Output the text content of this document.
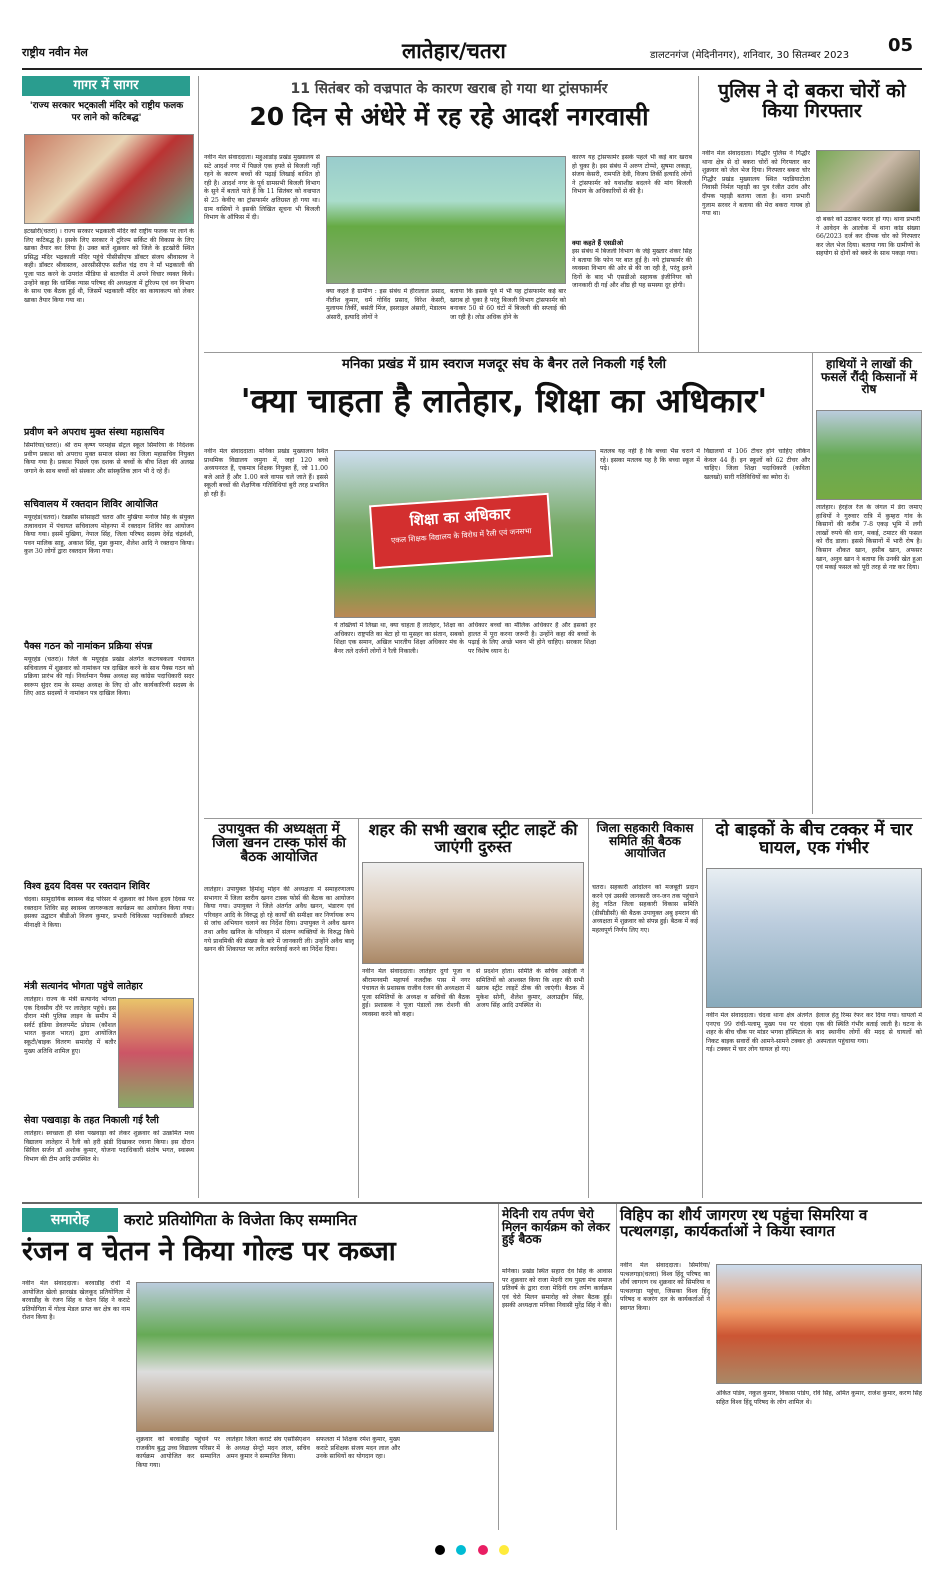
राष्ट्रीय नवीन मेल	लातेहार/चतरा	डालटनगंज (मेदिनीनगर), शनिवार, 30 सितम्बर 2023 05
गागर में सागर
'राज्य सरकार भट्काली मंदिर को राष्ट्रीय फलक पर लाने को कटिबद्ध'
इटखोरी(चतरा) । राज्य सरकार भद्रकाली मंदिर को राष्ट्रीय फलक पर लाने के लिए कटिबद्ध है। इसके लिए सरकार ने टूरिज्म सर्किट की विकास के लिए खाका तैयार कर लिया है। उक्त बातें शुक्रवार को जिले के इटखोरी स्थित प्रसिद्ध मंदिर भद्रकाली मंदिर पहुंचे पीसीसीएफ डॉक्टर संजय श्रीवास्तव ने कही। डॉक्टर श्रीवास्तव, आरसीसीएफ सतीश चंद्र राय ने माँ भद्रकाली की पूजा पाठ करने के उपरांत मीडिया से बातचीत में अपने विचार व्यक्त किये। उन्होंने कहा कि धार्मिक न्यास परिषद की अध्यक्षता में टूरिज्म एवं वन विभाग के साथ एक बैठक हुई थी, जिसमें भद्रकाली मंदिर का कायाकल्प को लेकर खाका तैयार किया गया था।
प्रवीण बने अपराध मुक्त संस्था महासचिव
सिमरिया(चतरा)। श्री राम कृष्ण परमहंस सेंट्रल स्कूल सिमरिया के निदेशक प्रवीण प्रकाश को अपराध मुक्त समाज संस्था का जिला महासचिव नियुक्त किया गया है। प्रकाश पिछले एक दशक से बच्चों के बीच शिक्षा की अलख जगाने के साथ बच्चों को संस्कार और सांस्कृतिक ज्ञान भी दे रहे हैं।
सचिवालय में रक्तदान शिविर आयोजित
मयूरहंड(चतरा)। रेडक्रॉस सोसाइटी चतरा और मुखिया मनोज सिंह के संयुक्त तत्वावधान में पंचायत सचिवालय मोहनपा में रक्तदान शिविर का आयोजन किया गया। इसमें मुखिया, नेपाल सिंह, जिला परिषद सदस्य देवेंद्र चंद्रवंशी, पवन मालिक साहु, अकाश सिंह, मुन्ना कुमार, शैलेश आदि ने रक्तदान किया। कुल 30 लोगों द्वारा रक्तदान किया गया।
पैक्स गठन को नामांकन प्रक्रिया संपन्न
मयूरहंड (चतरा)। जिले के मयूरहंड प्रखंड अंतर्गत कटगबकला पंचायत सचिवालय में शुक्रवार को नामांकन पत्र दाखिल करने के साथ पैक्स गठन को प्रक्रिया प्रारंभ की गई। निवर्तमान पैक्स अध्यक्ष सह कांग्रेस पदाधिकारी सदर स्वरूप सुंदर राम के समक्ष अध्यक्ष के लिए दो और कार्यकारिणी सदस्य के लिए आठ सदस्यों ने नामांकन पत्र दाखिल किया।
विश्व हृदय दिवस पर रक्तदान शिविर
चंदवा। सामुदायिक स्वास्थ्य केंद्र परिसर में शुक्रवार को विश्व हृदय दिवस पर रक्तदान शिविर सह स्वास्थ्य जागरूकता कार्यक्रम का आयोजन किया गया। इसका उद्घाटन बीडीओ विजय कुमार, प्रभारी चिकित्सा पदाधिकारी डॉक्टर मीनाक्षी ने किया।
मंत्री सत्यानंद भोगता पहुंचे लातेहार
लातेहार। राज्य के मंत्री सत्यानंद भोगता एक दिवसीय दौरे पर लातेहार पहुंचे। इस दौरान मंत्री पुलिस लाइन के समीप में सर्वर्ट इंडिया डेवलपमेंट प्रोग्राम (कौशल भारत कुशल भारत) द्वारा आयोजित स्कूटी/बाइक वितरण समारोह में बतौर मुख्य अतिथि शामिल हुए।
सेवा पखवाड़ा के तहत निकाली गई रैली
लातेहार। स्वच्छता ही सेवा पखवाड़ा को लेकर शुक्रवार को उत्क्रमित मध्य विद्यालय लातेहार में रैली को हरी झंडी दिखाकर रवाना किया। इस दौरान सिविल सर्जन डॉ अशोक कुमार, योजना पदाधिकारी संतोष भगत, स्वास्थ्य विभाग की टीम आदि उपस्थित थे।
11 सितंबर को वज्रपात के कारण खराब हो गया था ट्रांसफार्मर
20 दिन से अंधेरे में रह रहे आदर्श नगरवासी
नवीन मेल संवाददाता। महुआडांड़ प्रखंड मुख्यालय से सटे आदर्श नगर में पिछले एक हफ्ते से बिजली नहीं रहने के कारण बच्चों की पढ़ाई लिखाई बाधित हो रही है। आदर्श नगर के पूर्व ग्रामसभी बिजली विभाग के सुने में बताते पाते हैं कि 11 सितंबर को वज्रपात से 25 केवीए का ट्रांसफार्मर क्षतिग्रस्त हो गया था। ग्राम वासियों ने इसकी लिखित सूचना भी बिजली विभाग के ऑफिस में दी।
क्या कहते हैं ग्रामीण : इस संबंध में हीरालाल प्रसाद, नीतीश कुमार, धर्म गोविंद प्रसाद, विरेश केसरी, मुलायम तिर्की, बसंती मिंज, इसराइल अंसारी, मेडालम अंसारी, इत्यादि लोगों ने
बताया कि इसके पूर्व में भी यह ट्रांसफार्मर कई बार खराब हो चुका है परंतु बिजली विभाग ट्रांसफार्मर को बनाकर 50 से 60 घंटों में बिजली की सप्लाई की जा रही है। लोड अधिक होने के
कारण यह ट्रांसफार्मर इसके पहले भी कई बार खराब हो चुका है। इस संबंध में अरुण टोप्पो, सुषमा लकड़ा, संजय केसरी, रामपति देवी, विजय तिर्की इत्यादि लोगों ने ट्रांसफार्मर को यथाशीघ्र बदलने की मांग बिजली विभाग के अधिकारियों से की है।
क्या कहते हैं एसडीओ
इस संबंध में बिजली विभाग के जेई मुख्तार शंकर सिंह ने बताया कि फोन पर बात हुई है। नये ट्रांसफार्मर की व्यवस्था विभाग की ओर से की जा रही है, परंतु इतने दिनों के बाद भी एसडीओ सहायक इंजीनियर को जानकारी दी गई और शीघ्र ही यह समस्या दूर होगी।
पुलिस ने दो बकरा चोरों को किया गिरफ्तार
नवीन मेल संवाददाता। गिद्धौर पुलिस ने गिद्धौर थाना क्षेत्र से दो बकरा चोरों को गिरफ्तार कर शुक्रवार को जेल भेज दिया। गिरफ्तार बकरा चोर गिद्धौर प्रखंड मुख्यालय स्थित पदडियाटोला निवासी निर्मल पहाड़ी का पुत्र रंजीत उरांव और दीपक पहाड़ी बताया जाता है। थाना प्रभारी गुलाम सरवर ने बताया की मेरा बकरा गायब हो गया था।
दो बकरे को उठाकर फरार हो गए। थाना प्रभारी ने आवेदन के आलोक में थाना कांड संख्या 66/2023 दर्ज कर दीपक चोर को गिरफ्तार कर जेल भेज दिया। बताया गया कि ग्रामीणों के सहयोग से दोनों को बकरे के साथ पकड़ा गया।
मनिका प्रखंड में ग्राम स्वराज मजदूर संघ के बैनर तले निकली गई रैली
'क्या चाहता है लातेहार, शिक्षा का अधिकार'
नवीन मेल संवाददाता। मनिका प्रखंड मुख्यालय स्थित प्राथमिक विद्यालय जमुना में, जहां 120 बच्चे अध्ययनरत हैं, एकमात्र शिक्षक नियुक्त हैं, जो 11.00 बजे आते हैं और 1.00 बजे वापस चले जाते हैं। इससे स्कूली बच्चों की शैक्षणिक गतिविधियां बुरी तरह प्रभावित हो रही हैं।
शिक्षा का अधिकार
एकल शिक्षक विद्यालय के विरोध में रैली एवं जनसभा
ये तख्तियों में लिखा था, क्या चाहता है लातेहार, शिक्षा का अधिकार। राष्ट्रपति का बेटा हो या मुसहर का संतान, सबको शिक्षा एक समान, अखिल भारतीय शिक्षा अधिकार मंच के बैनर तले दर्जनों लोगों ने रैली निकाली।
अधिकार बच्चों का मौलिक अधिकार है और इसको हर हालत में पूरा करना जरूरी है। उन्होंने कहा की बच्चों के पढ़ाई के लिए अच्छे भवन भी होने चाहिए। सरकार शिक्षा पर विशेष ध्यान दे।
मतलब यह नहीं है कि बच्चा भैंस चराने में रहे। इसका मतलब यह है कि बच्चा स्कूल में पढ़े।
विद्यालयों में 106 टीचर होने चाहिए लेकिन केवल 44 हैं। इन स्कूलों को 62 टीचर और चाहिए। जिला शिक्षा पदाधिकारी (कविता खलखो) सारी गतिविधियों का ब्योरा दें।
हाथियों ने लाखों की फसलें रौंदी किसानों में रोष
लातेहार। हेरहंज रेंज के जंगल में डेरा जमाए हाथियों ने गुरुवार रात्रि में कुम्हरा गांव के किसानों की करीब 7-8 एकड़ भूमि में लगी लाखों रुपये की धान, मकई, टमाटर की फसल को रौंद डाला। इससे किसानों में भारी रोष है। किसान शौकत खान, हसीब खान, अफसर खान, अनुव खान ने बताया कि उनकी खेत हुआ एवं मकई फसल को पूरी तरह से नष्ट कर दिया।
उपायुक्त की अध्यक्षता में जिला खनन टास्क फोर्स की बैठक आयोजित
लातेहार। उपायुक्त हिमांशु मोहन की अध्यक्षता में समाहरणालय सभागार में जिला स्तरीय खनन टास्क फोर्स की बैठक का आयोजन किया गया। उपायुक्त ने जिले अंतर्गत अवैध खनन, भंडारण एवं परिवहन आदि के विरुद्ध हो रहे कार्यों की समीक्षा कर निर्णायक रूप से जांच अभियान चलाने का निर्देश दिया। उपायुक्त ने अवैध खनन तथा अवैध खनिज के परिवहन में संलग्न व्यक्तियों के विरुद्ध किये गये प्राथमिकी की संख्या के बारे में जानकारी ली। उन्होंने अवैध बालू खनन की शिकायत पर त्वरित कार्रवाई करने का निर्देश दिया।
शहर की सभी खराब स्ट्रीट लाइटें की जाएंगी दुरुस्त
नवीन मेल संवाददाता। लातेहार दुर्गा पूजा व श्रीरामनवमी महापर्व नजदीक पास में नगर पंचायत के प्रशासक राजीव रंजन की अध्यक्षता में पूजा समितियों के अध्यक्ष व सचिवों की बैठक हुई। प्रशासक ने पूजा पंडालों तक रोशनी की व्यवस्था करने को कहा।
से प्रदर्शन होता। समिति के सचिव आईजी ने समितियों को आश्वस्त किया कि शहर की सभी खराब स्ट्रीट लाइटें ठीक की जाएंगी। बैठक में मुकेश सोनी, शैलेश कुमार, अलाउद्दीन सिंह, अजय सिंह आदि उपस्थित थे।
जिला सहकारी विकास समिति की बैठक आयोजित
चतरा। सहकारी आंदोलन को मजबूती प्रदान करने एवं उसकी जानकारी जन-जन तक पहुंचाने हेतु गठित जिला सहकारी विकास समिति (डीसीडीसी) की बैठक उपायुक्त अबु इमरान की अध्यक्षता में शुक्रवार को संपन्न हुई। बैठक में कई महत्वपूर्ण निर्णय लिए गए।
दो बाइकों के बीच टक्कर में चार घायल, एक गंभीर
नवीन मेल संवाददाता। चंदवा थाना क्षेत्र अंतर्गत एनएच 99 रांची-पलामू मुख्य पथ पर चंदवा शहर के बीच चौक पर मांडर भगवा हॉस्पिटल के निकट बाइक सवारों की आमने-सामने टक्कर हो गई। टक्कर में चार लोग घायल हो गए।
ईलाज हेतु रिम्स रेफर कर दिया गया। घायलों में एक की स्थिति गंभीर बताई जाती है। घटना के बाद स्थानीय लोगों की मदद से घायलों को अस्पताल पहुंचाया गया।
समारोह	कराटे प्रतियोगिता के विजेता किए सम्मानित
रंजन व चेतन ने किया गोल्ड पर कब्जा
नवीन मेल संवाददाता। बरवाडीह रांची में आयोजित खेलो झारखंड खेलकूद प्रतियोगिता में बरवाडीह के रंजन सिंह व चेतन सिंह ने कराटे प्रतियोगिता में गोल्ड मेडल प्राप्त कर क्षेत्र का नाम रोशन किया है।
शुक्रवार को बरवाडीह पहुंचने पर राजकीय बुद्ध उच्च विद्यालय परिसर में कार्यक्रम आयोजित कर सम्मानित किया गया।
लातेहार जिला कराटे संघ एसोसिएशन के अध्यक्ष सेन्ट्रो मदन लाल, सचिव अमन कुमार ने सम्मानित किया।
सफलता में शिक्षक रमेश कुमार, मुख्य कराटे प्रशिक्षक संजय मदन लाल और उनके साथियों का योगदान रहा।
मेदिनी राय तर्पण चेरो मिलन कार्यक्रम को लेकर हुई बैठक
मनिका। प्रखंड स्थित सहारा देव सिंह के आवास पर शुक्रवार को राजा मेदनी राय पुस्ता मंच समाज प्रतिवर्ष के द्वारा राजा मेदिनी राय तर्पण कार्यक्रम एवं चेरो मिलन समारोह को लेकर बैठक हुई। इसकी अध्यक्षता मनिका निवासी मुरेंद्र सिंह ने की।
विहिप का शौर्य जागरण रथ पहुंचा सिमरिया व पत्थलगड़ा, कार्यकर्ताओं ने किया स्वागत
नवीन मेल संवाददाता। सिमरिया/पत्थलगड़ा(चतरा) विश्व हिंदू परिषद का शौर्य जागरण रथ शुक्रवार को सिमरिया व पत्थलगड़ा पहुंचा, जिसका विश्व हिंदू परिषद व बजरंग दल के कार्यकर्ताओं ने स्वागत किया।
अंकित पांडेय, नकुल कुमार, विकास पांडेय, रवि सिंह, अमित कुमार, राजेश कुमार, करण सिंह सहित विश्व हिंदू परिषद के लोग शामिल थे।
